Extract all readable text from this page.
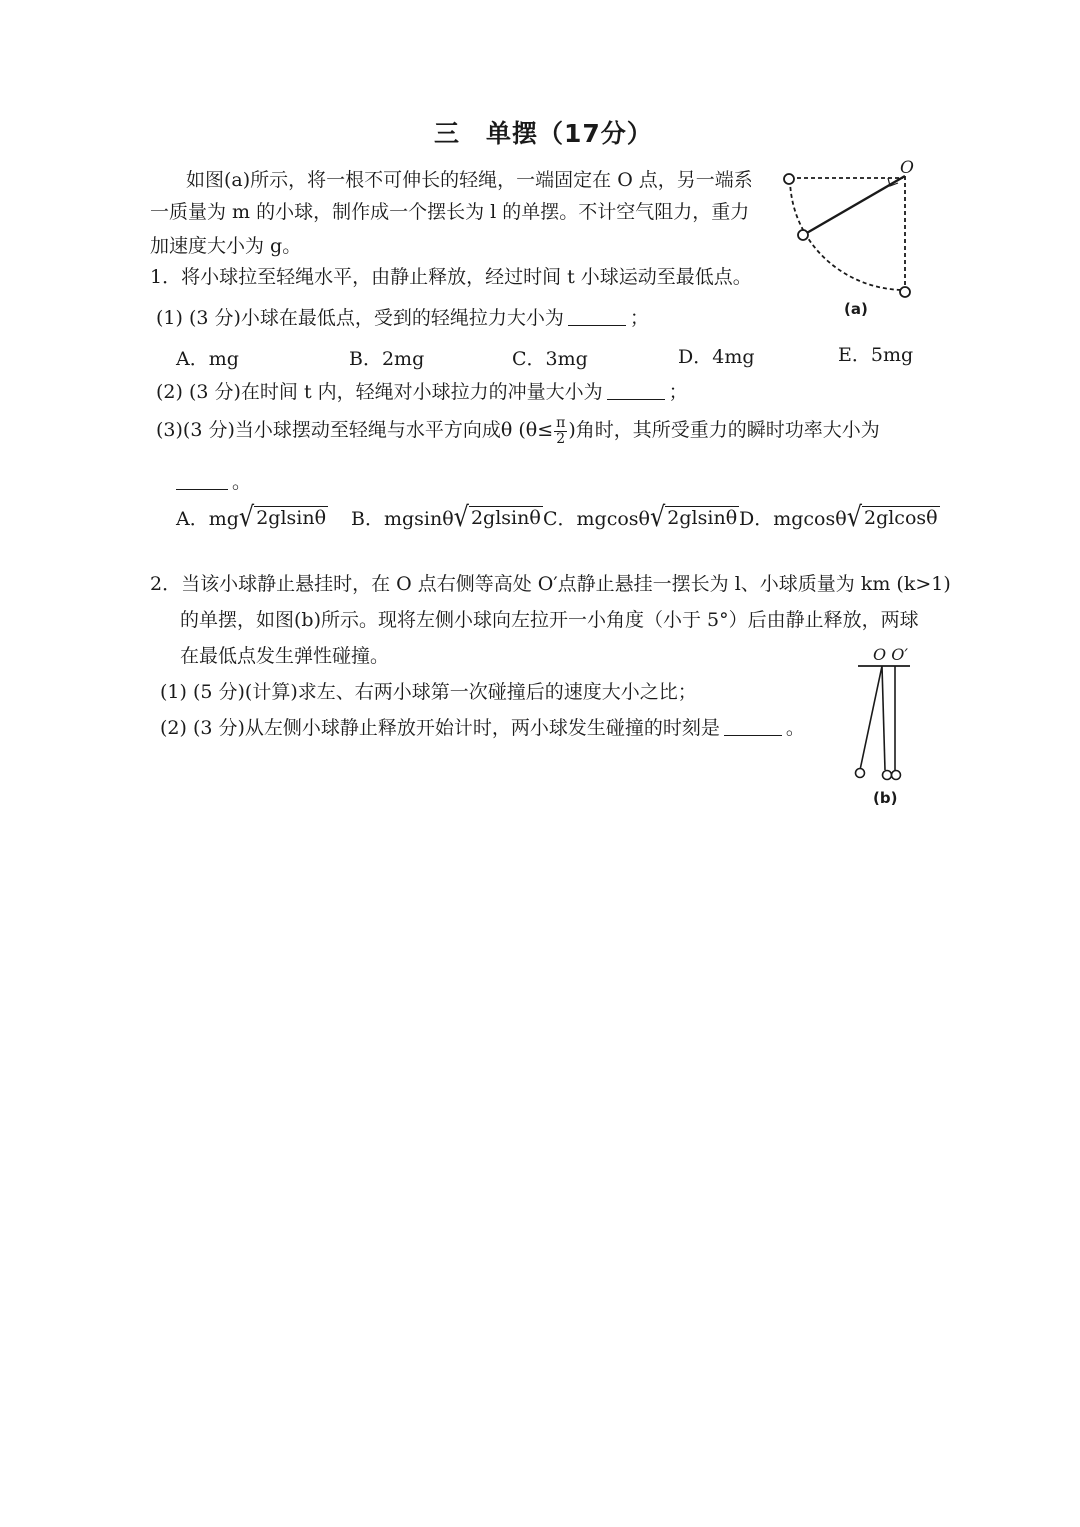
三　单摆（17分）
如图(a)所示，将一根不可伸长的轻绳，一端固定在 O 点，另一端系
一质量为 m 的小球，制作成一个摆长为 l 的单摆。不计空气阻力，重力
加速度大小为 g。
1．将小球拉至轻绳水平，由静止释放，经过时间 t 小球运动至最低点。
(1) (3 分)小球在最低点，受到的轻绳拉力大小为	；
A．mg	B．2mg	C．3mg	D．4mg	E．5mg
(2) (3 分)在时间 t 内，轻绳对小球拉力的冲量大小为	；
(3)(3 分)当小球摆动至轻绳与水平方向成θ ($\theta\le \frac{\pi}{2}$ )角时，其所受重力的瞬时功率大小为
。
A．mg √ 2glsinθ B．mgsinθ √ 2glsinθ C．mgcosθ √ 2glsinθ D．mgcosθ √ 2glcosθ
2．当该小球静止悬挂时，在 O 点右侧等高处 O′点静止悬挂一摆长为 l、小球质量为 km (k>1)
的单摆，如图(b)所示。现将左侧小球向左拉开一小角度（小于 5°）后由静止释放，两球
在最低点发生弹性碰撞。
(1) (5 分)(计算)求左、右两小球第一次碰撞后的速度大小之比；
(2) (3 分)从左侧小球静止释放开始计时，两小球发生碰撞的时刻是	。
O
(a)
O O′
(b)
